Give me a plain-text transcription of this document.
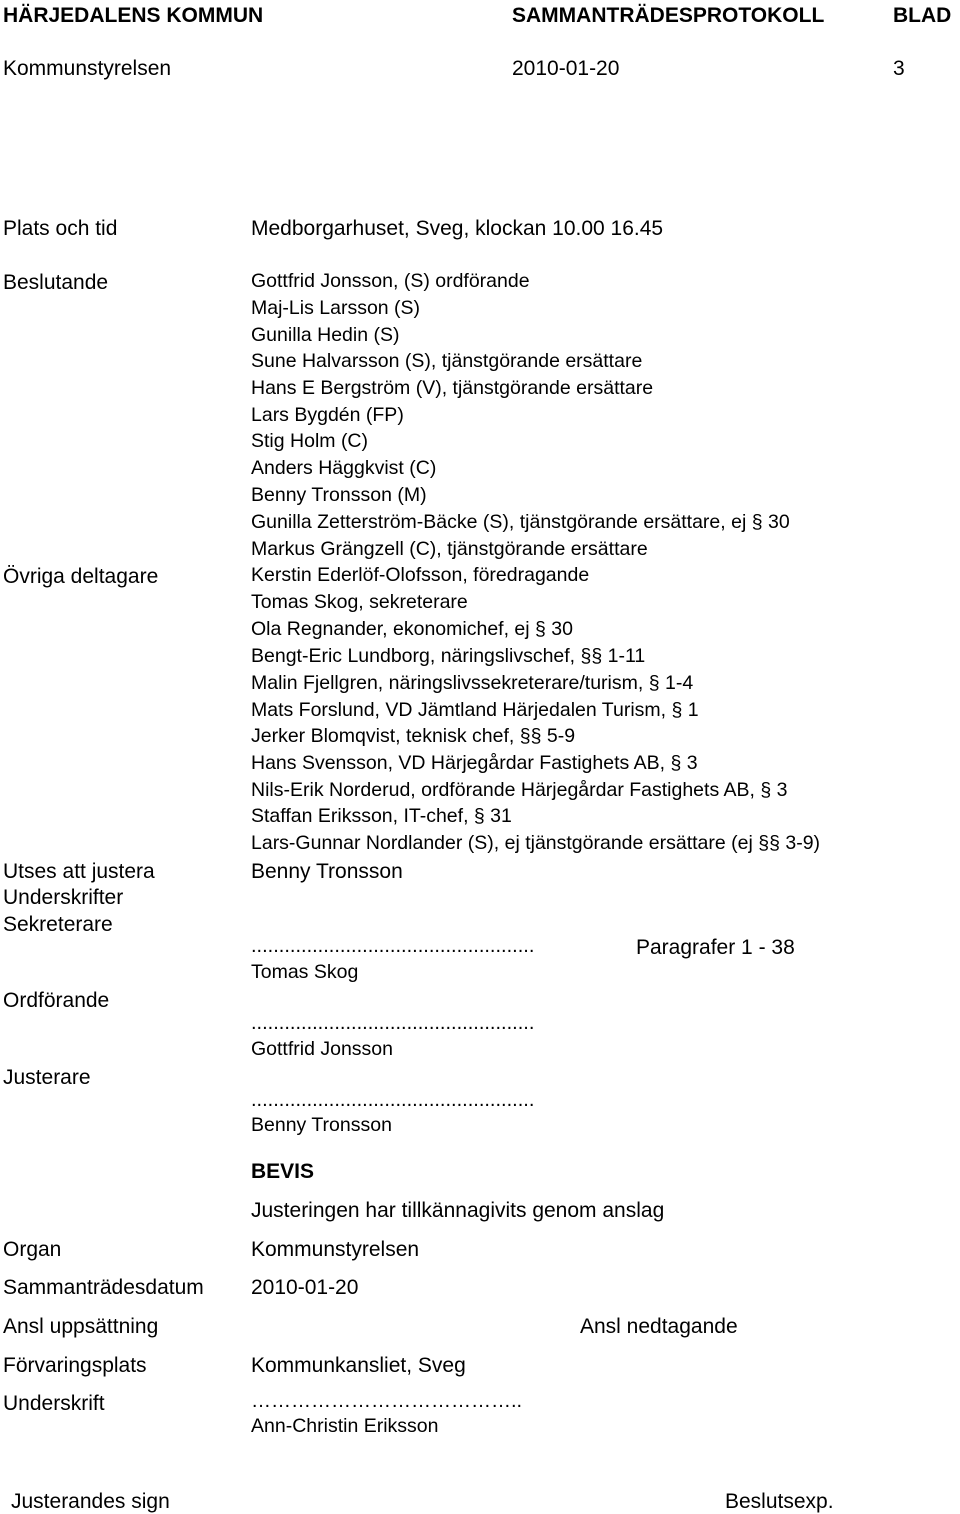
HÄRJEDALENS KOMMUN	SAMMANTRÄDESPROTOKOLL	BLAD
Kommunstyrelsen	2010-01-20	3
Plats och tid	Medborgarhuset, Sveg, klockan 10.00 16.45
Beslutande	Gottfrid Jonsson, (S) ordförande
Maj-Lis Larsson (S)
Gunilla Hedin (S)
Sune Halvarsson (S), tjänstgörande ersättare
Hans E Bergström (V), tjänstgörande ersättare
Lars Bygdén (FP)
Stig Holm (C)
Anders Häggkvist (C)
Benny Tronsson (M)
Gunilla Zetterström-Bäcke (S), tjänstgörande ersättare, ej § 30
Markus Grängzell (C), tjänstgörande ersättare
Övriga deltagare	Kerstin Ederlöf-Olofsson, föredragande
Tomas Skog, sekreterare
Ola Regnander, ekonomichef, ej § 30
Bengt-Eric Lundborg, näringslivschef, §§ 1-11
Malin Fjellgren, näringslivssekreterare/turism, § 1-4
Mats Forslund, VD Jämtland Härjedalen Turism, § 1
Jerker Blomqvist, teknisk chef, §§ 5-9
Hans Svensson, VD Härjegårdar Fastighets AB, § 3
Nils-Erik Norderud, ordförande Härjegårdar Fastighets AB, § 3
Staffan Eriksson, IT-chef, § 31
Lars-Gunnar Nordlander (S), ej tjänstgörande ersättare (ej §§ 3-9)
Utses att justera	Benny Tronsson
Underskrifter
Sekreterare
...................................................	Paragrafer 1 - 38
Tomas Skog
Ordförande
...................................................
Gottfrid Jonsson
Justerare
...................................................
Benny Tronsson
BEVIS
Justeringen har tillkännagivits genom anslag
Organ	Kommunstyrelsen
Sammanträdesdatum 2010-01-20
Ansl uppsättning	Ansl nedtagande
Förvaringsplats	Kommunkansliet, Sveg
Underskrift	…………………………………..
Ann-Christin Eriksson
Justerandes sign	Beslutsexp.
